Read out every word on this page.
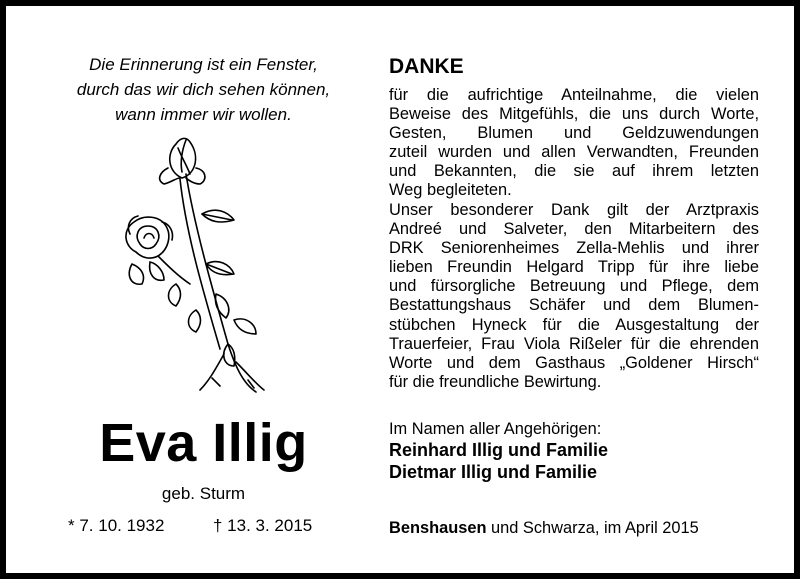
Die Erinnerung ist ein Fenster,
durch das wir dich sehen können,
wann immer wir wollen.
Eva Illig
geb. Sturm
* 7. 10. 1932	† 13. 3. 2015
DANKE
für die aufrichtige Anteilnahme, die vielen
Beweise des Mitgefühls, die uns durch Worte,
Gesten, Blumen und Geldzuwendungen
zuteil wurden und allen Verwandten, Freunden
und Bekannten, die sie auf ihrem letzten
Weg begleiteten.
Unser besonderer Dank gilt der Arztpraxis
Andreé und Salveter, den Mitarbeitern des
DRK Seniorenheimes Zella-Mehlis und ihrer
lieben Freundin Helgard Tripp für ihre liebe
und fürsorgliche Betreuung und Pflege, dem
Bestattungshaus Schäfer und dem Blumen-
stübchen Hyneck für die Ausgestaltung der
Trauerfeier, Frau Viola Rißeler für die ehrenden
Worte und dem Gasthaus „Goldener Hirsch“
für die freundliche Bewirtung.
Im Namen aller Angehörigen:
Reinhard Illig und Familie
Dietmar Illig und Familie
Benshausen und Schwarza, im April 2015
